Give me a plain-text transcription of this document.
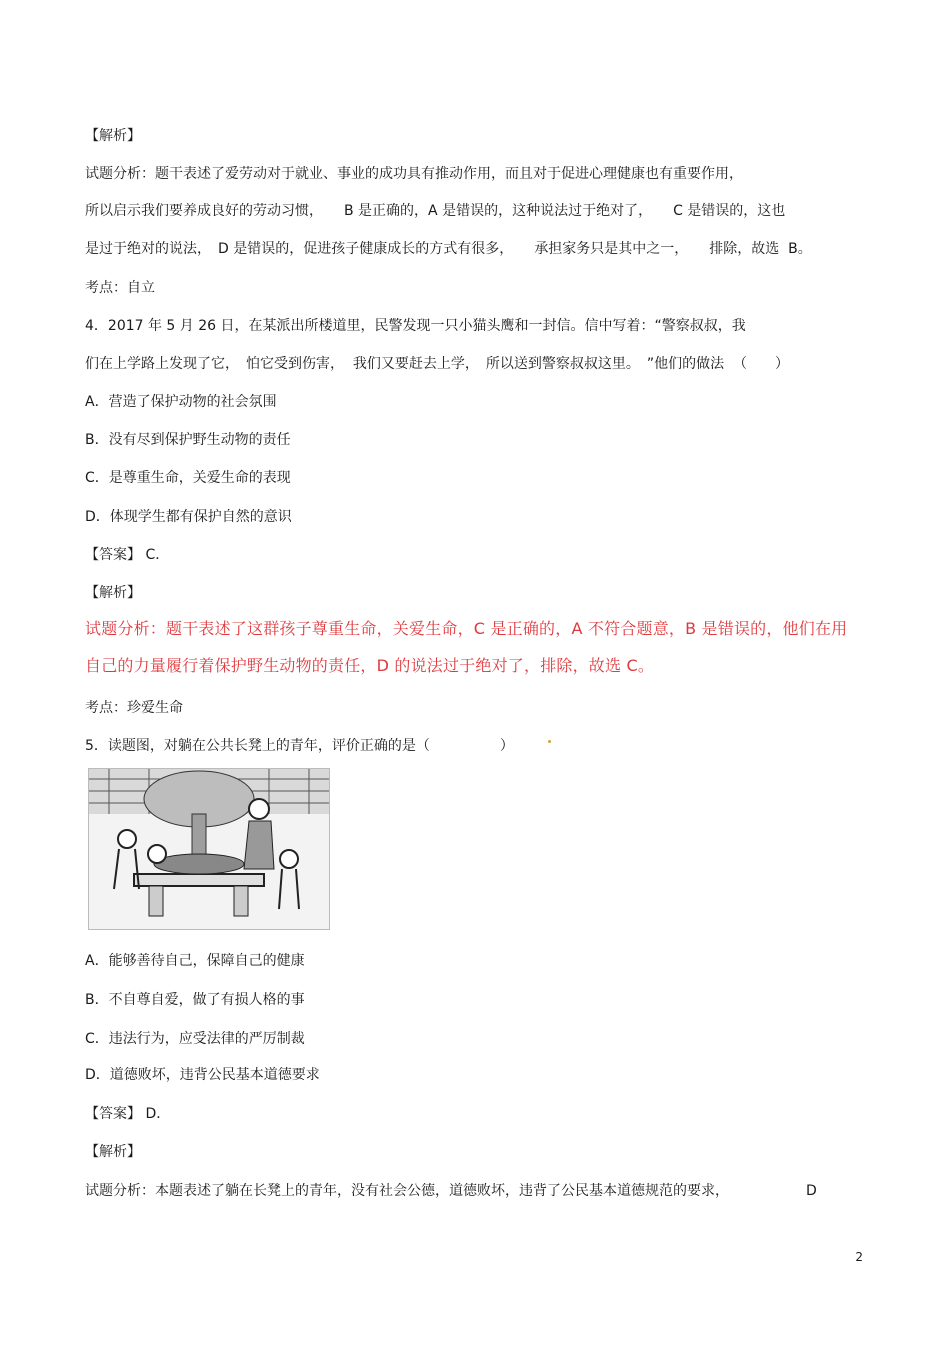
【解析】
试题分析：题干表述了爱劳动对于就业、事业的成功具有推动作用，而且对于促进心理健康也有重要作用，
所以启示我们要养成良好的劳动习惯，　　B 是正确的，A 是错误的，这种说法过于绝对了，　　C 是错误的，这也
是过于绝对的说法，　D 是错误的，促进孩子健康成长的方式有很多，　　承担家务只是其中之一，　　排除，故选  B。
考点：自立
4．2017 年 5 月 26 日，在某派出所楼道里，民警发现一只小猫头鹰和一封信。信中写着：“警察叔叔，我
们在上学路上发现了它，　怕它受到伤害，  我们又要赶去上学，　所以送到警察叔叔这里。　”他们的做法  （　　）
A．营造了保护动物的社会氛围
B．没有尽到保护野生动物的责任
C．是尊重生命，关爱生命的表现
D．体现学生都有保护自然的意识
【答案】 C．
【解析】
试题分析：题干表述了这群孩子尊重生命，关爱生命，C 是正确的，A 不符合题意，B 是错误的，他们在用
自己的力量履行着保护野生动物的责任，D 的说法过于绝对了，排除，故选 C。
考点：珍爱生命
5．读题图，对躺在公共长凳上的青年，评价正确的是（　　　　　）
A．能够善待自己，保障自己的健康
B．不自尊自爱，做了有损人格的事
C．违法行为，应受法律的严厉制裁
D．道德败坏，违背公民基本道德要求
【答案】 D．
【解析】
试题分析：本题表述了躺在长凳上的青年，没有社会公德，道德败坏，违背了公民基本道德规范的要求，　　　　　　D
2
